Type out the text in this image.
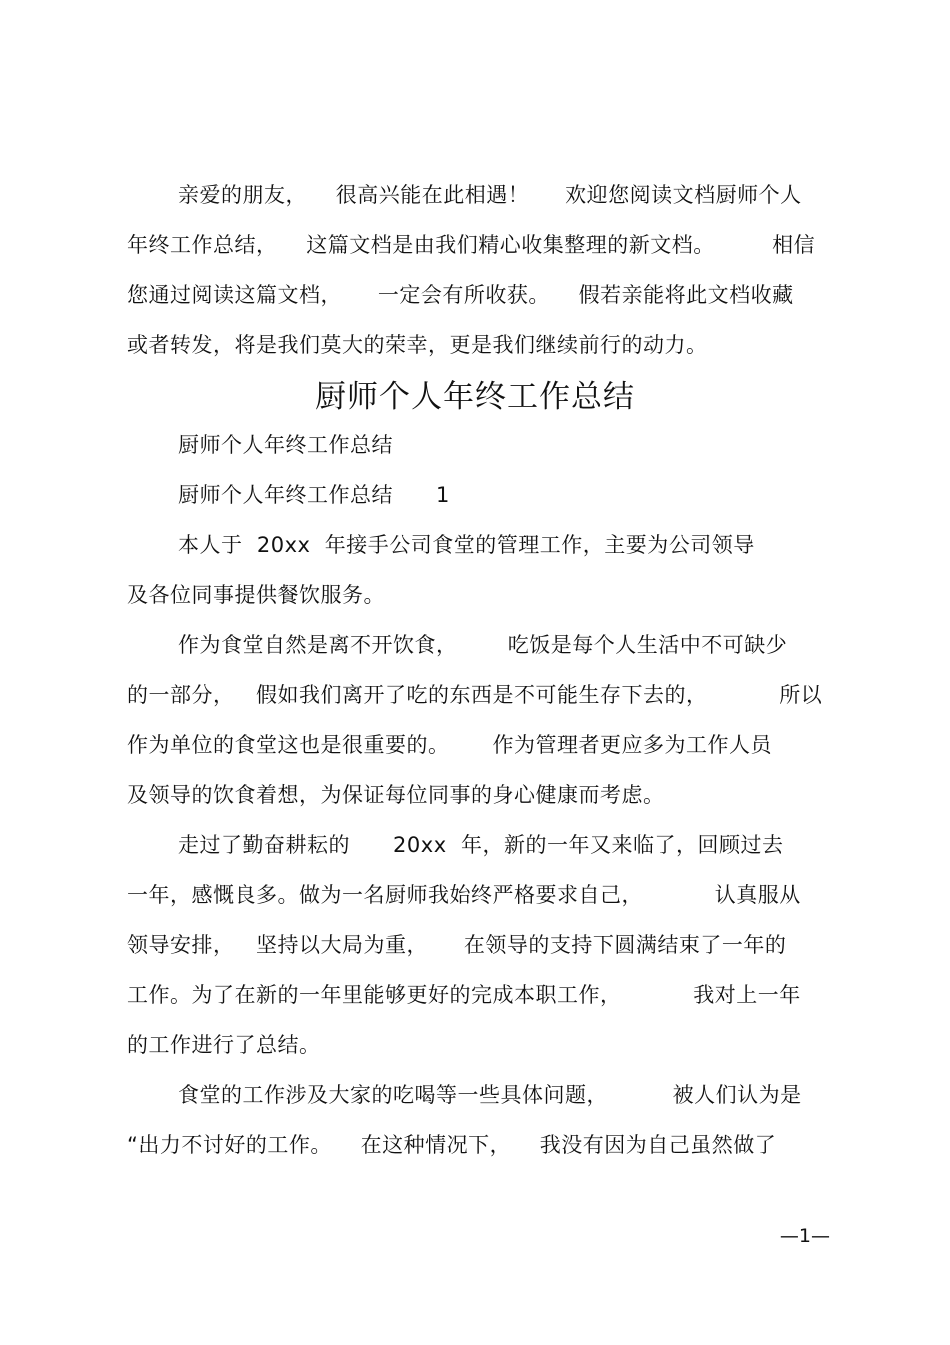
亲爱的朋友，    很高兴能在此相遇！     欢迎您阅读文档厨师个人
年终工作总结，    这篇文档是由我们精心收集整理的新文档。        相信
您通过阅读这篇文档，     一定会有所收获。    假若亲能将此文档收藏
或者转发，将是我们莫大的荣幸，更是我们继续前行的动力。
厨师个人年终工作总结
厨师个人年终工作总结
厨师个人年终工作总结      1
本人于  20xx  年接手公司食堂的管理工作，主要为公司领导
及各位同事提供餐饮服务。
作为食堂自然是离不开饮食，       吃饭是每个人生活中不可缺少
的一部分，   假如我们离开了吃的东西是不可能生存下去的，          所以
作为单位的食堂这也是很重要的。      作为管理者更应多为工作人员
及领导的饮食着想，为保证每位同事的身心健康而考虑。
走过了勤奋耕耘的      20xx  年，新的一年又来临了，回顾过去
一年，感慨良多。做为一名厨师我始终严格要求自己，          认真服从
领导安排，   坚持以大局为重，     在领导的支持下圆满结束了一年的
工作。为了在新的一年里能够更好的完成本职工作，          我对上一年
的工作进行了总结。
食堂的工作涉及大家的吃喝等一些具体问题，         被人们认为是
“出力不讨好的工作。    在这种情况下，    我没有因为自己虽然做了
—1—
